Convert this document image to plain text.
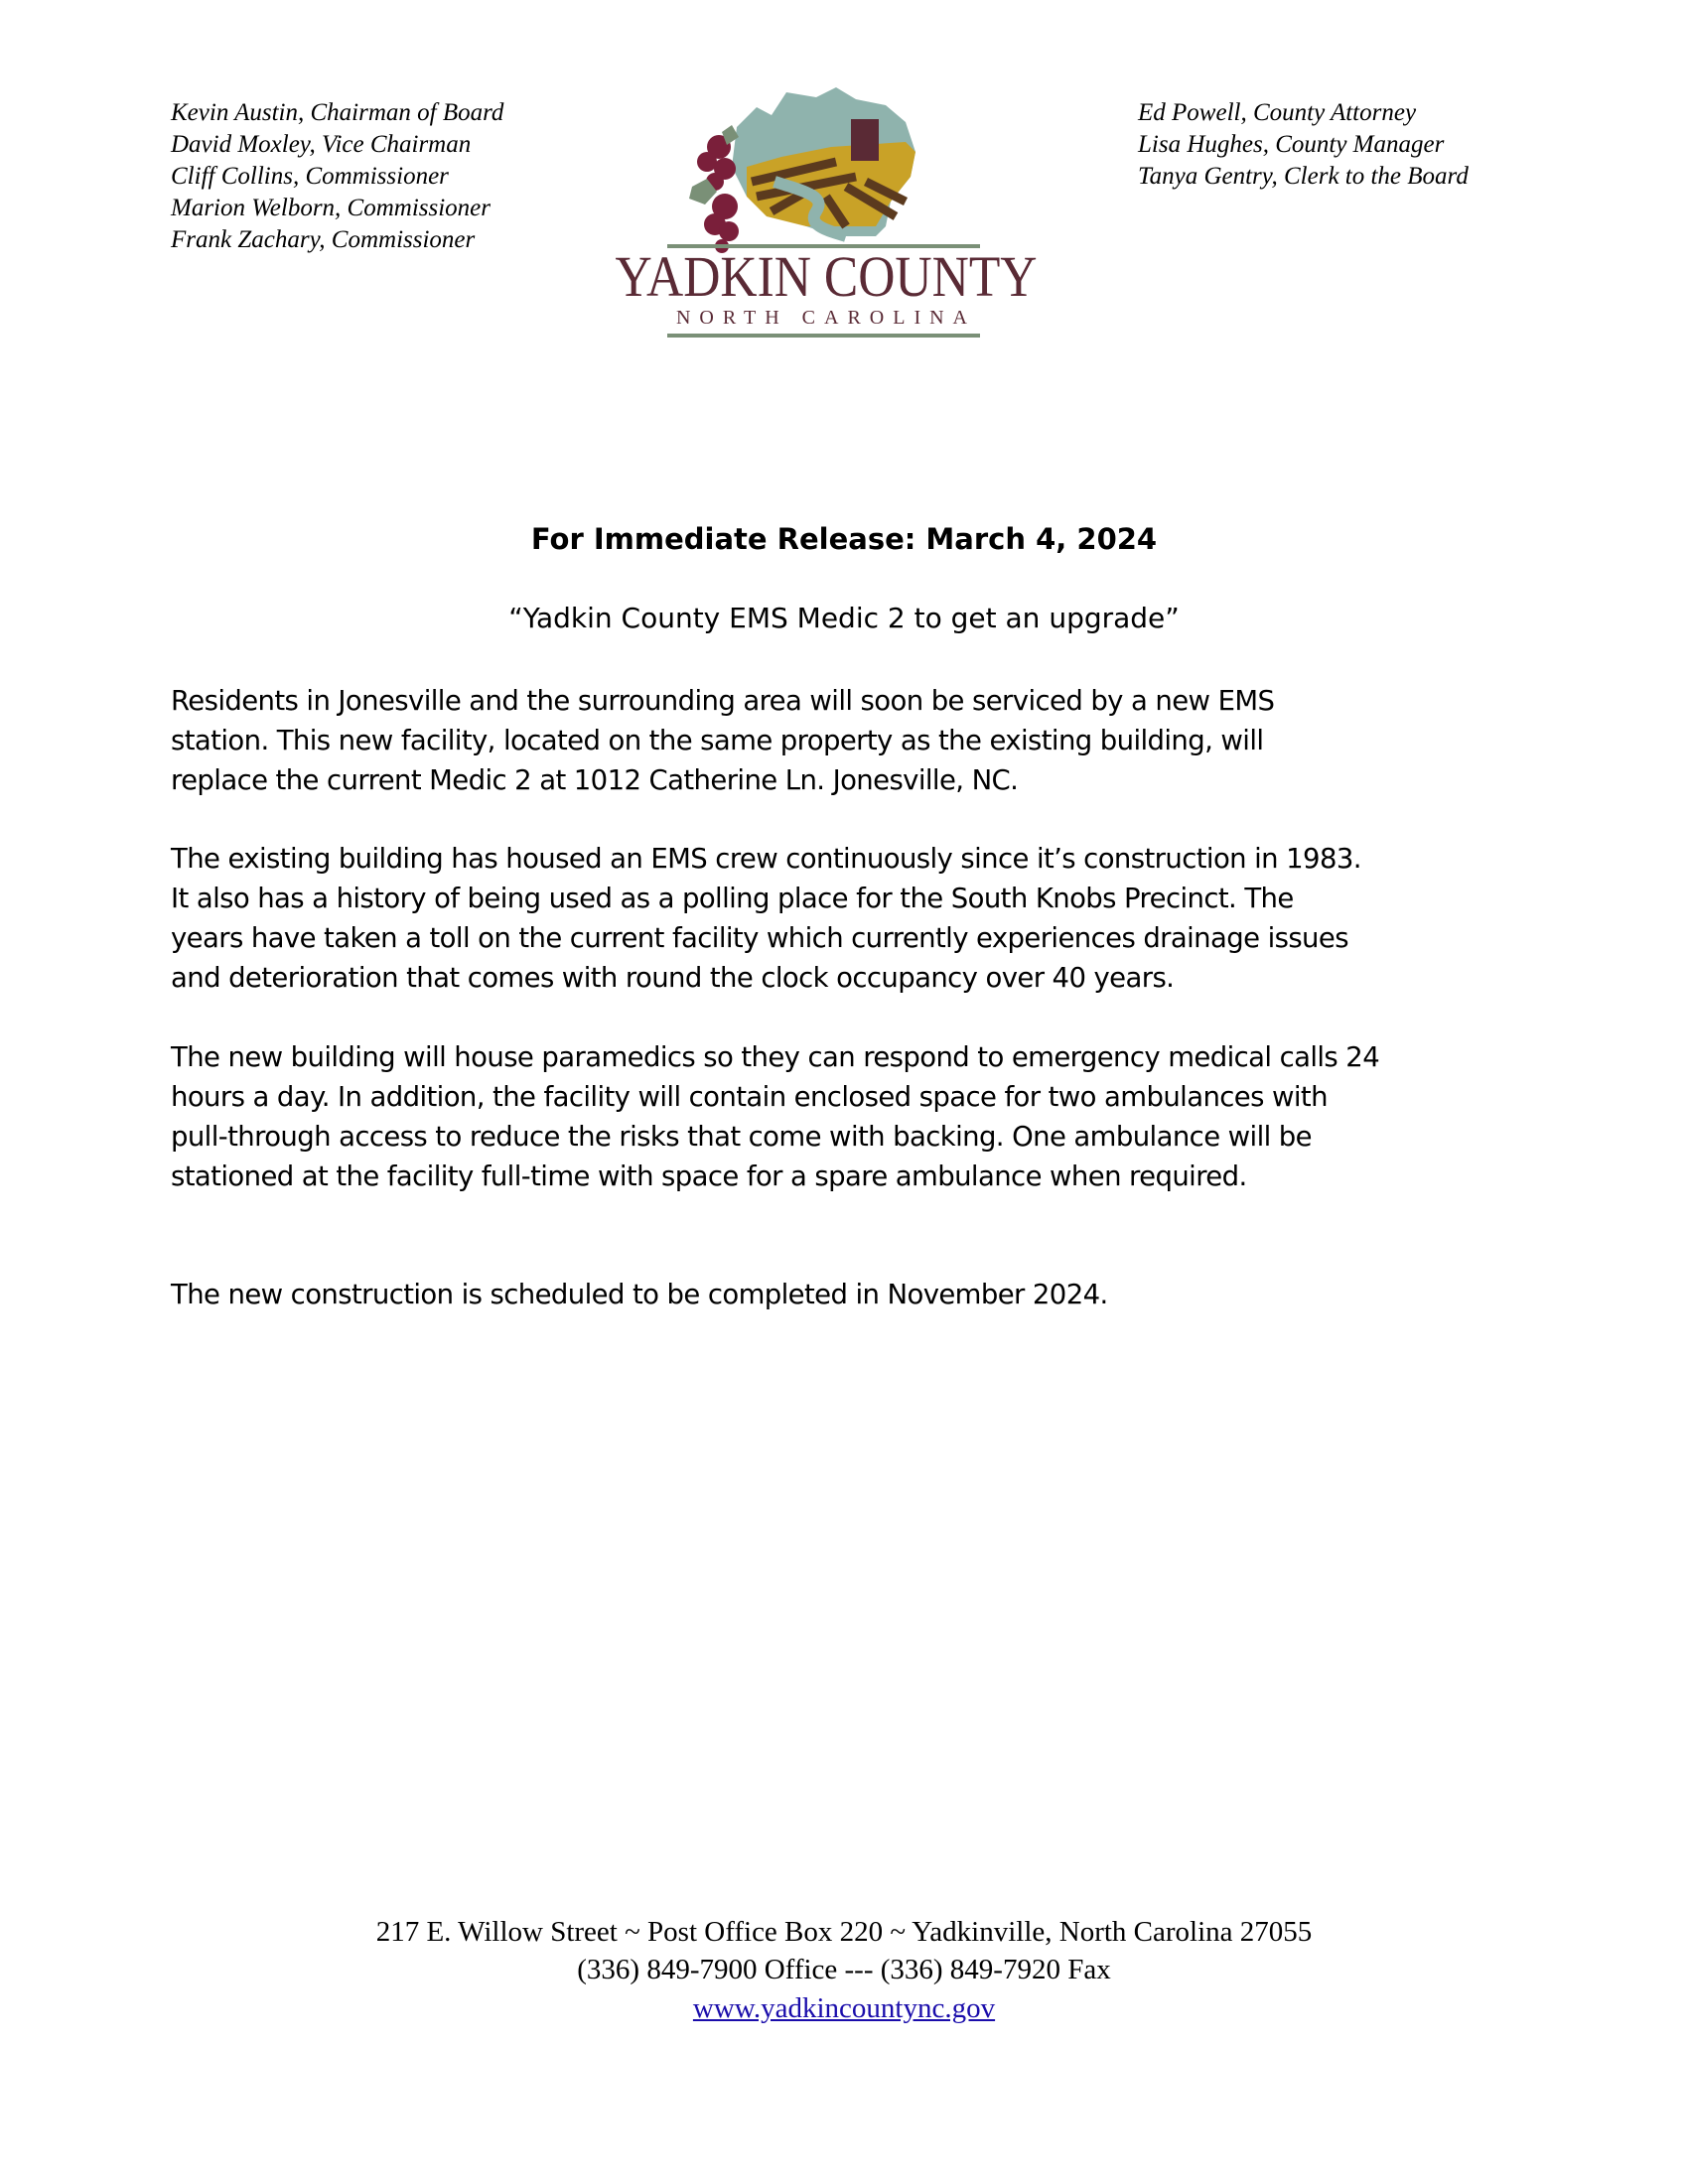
Kevin Austin, Chairman of Board
David Moxley, Vice Chairman
Cliff Collins, Commissioner
Marion Welborn, Commissioner
Frank Zachary, Commissioner
YADKIN COUNTY
NORTH CAROLINA
Ed Powell, County Attorney
Lisa Hughes, County Manager
Tanya Gentry, Clerk to the Board
For Immediate Release: March 4, 2024
“Yadkin County EMS Medic 2 to get an upgrade”
Residents in Jonesville and the surrounding area will soon be serviced by a new EMS
station. This new facility, located on the same property as the existing building, will
replace the current Medic 2 at 1012 Catherine Ln. Jonesville, NC.
The existing building has housed an EMS crew continuously since it’s construction in 1983.
It also has a history of being used as a polling place for the South Knobs Precinct. The
years have taken a toll on the current facility which currently experiences drainage issues
and deterioration that comes with round the clock occupancy over 40 years.
The new building will house paramedics so they can respond to emergency medical calls 24
hours a day. In addition, the facility will contain enclosed space for two ambulances with
pull-through access to reduce the risks that come with backing. One ambulance will be
stationed at the facility full-time with space for a spare ambulance when required.
The new construction is scheduled to be completed in November 2024.
217 E. Willow Street ~ Post Office Box 220 ~ Yadkinville, North Carolina 27055
(336) 849-7900 Office --- (336) 849-7920 Fax
www.yadkincountync.gov
